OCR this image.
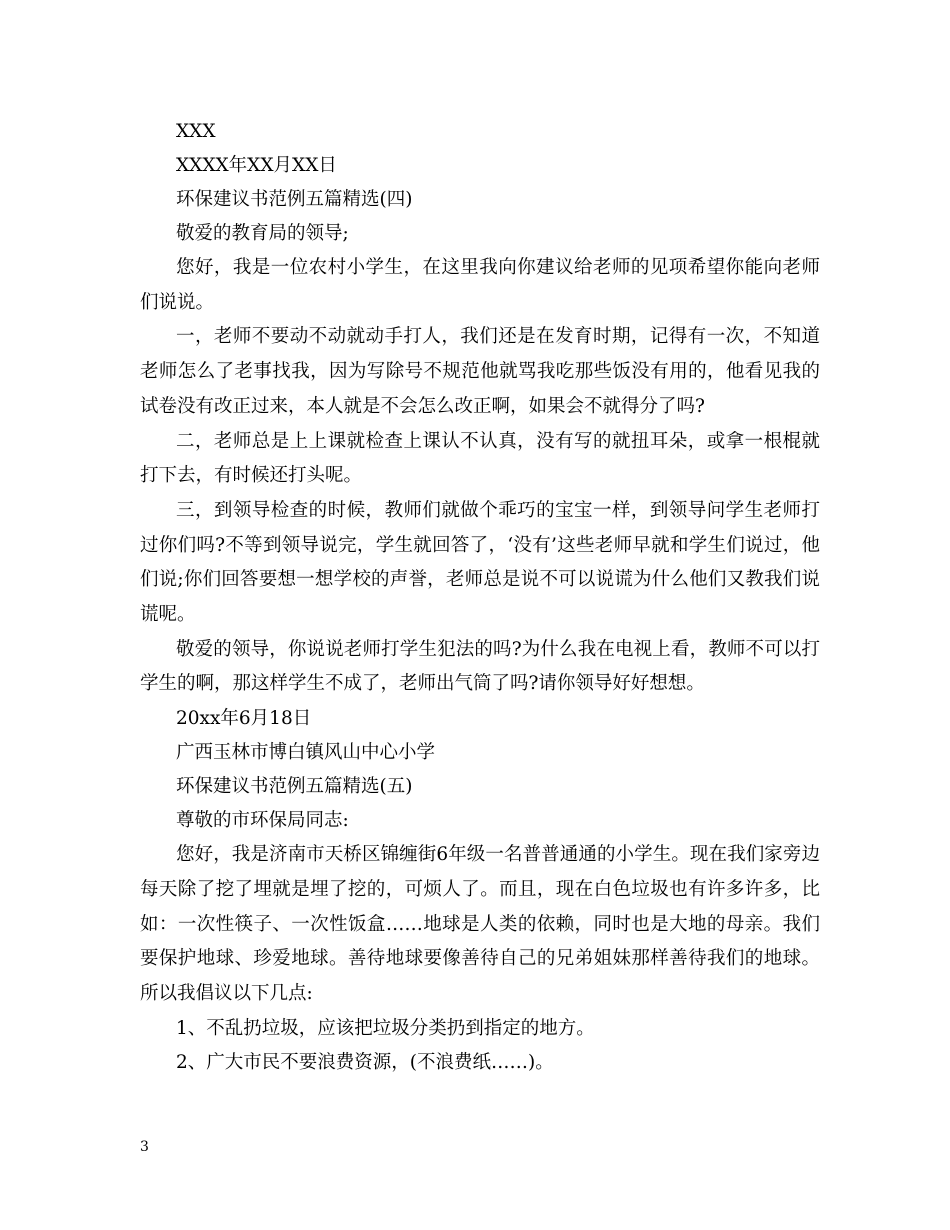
XXX

XXXX年XX月XX日

环保建议书范例五篇精选(四)

敬爱的教育局的领导;

您好，我是一位农村小学生，在这里我向你建议给老师的见项希望你能向老师们说说。

一，老师不要动不动就动手打人，我们还是在发育时期，记得有一次，不知道老师怎么了老事找我，因为写除号不规范他就骂我吃那些饭没有用的，他看见我的试卷没有改正过来，本人就是不会怎么改正啊，如果会不就得分了吗?

二，老师总是上上课就检查上课认不认真，没有写的就扭耳朵，或拿一根棍就打下去，有时候还打头呢。

三，到领导检查的时候，教师们就做个乖巧的宝宝一样，到领导问学生老师打过你们吗?不等到领导说完，学生就回答了，‘没有’这些老师早就和学生们说过，他们说;你们回答要想一想学校的声誉，老师总是说不可以说谎为什么他们又教我们说谎呢。

敬爱的领导，你说说老师打学生犯法的吗?为什么我在电视上看，教师不可以打学生的啊，那这样学生不成了，老师出气筒了吗?请你领导好好想想。

20xx年6月18日

广西玉林市博白镇风山中心小学

环保建议书范例五篇精选(五)

尊敬的市环保局同志:

您好，我是济南市天桥区锦缠街6年级一名普普通通的小学生。现在我们家旁边每天除了挖了埋就是埋了挖的，可烦人了。而且，现在白色垃圾也有许多许多，比如：一次性筷子、一次性饭盒……地球是人类的依赖，同时也是大地的母亲。我们要保护地球、珍爱地球。善待地球要像善待自己的兄弟姐妹那样善待我们的地球。所以我倡议以下几点:

1、不乱扔垃圾，应该把垃圾分类扔到指定的地方。

2、广大市民不要浪费资源，(不浪费纸……)。

3
